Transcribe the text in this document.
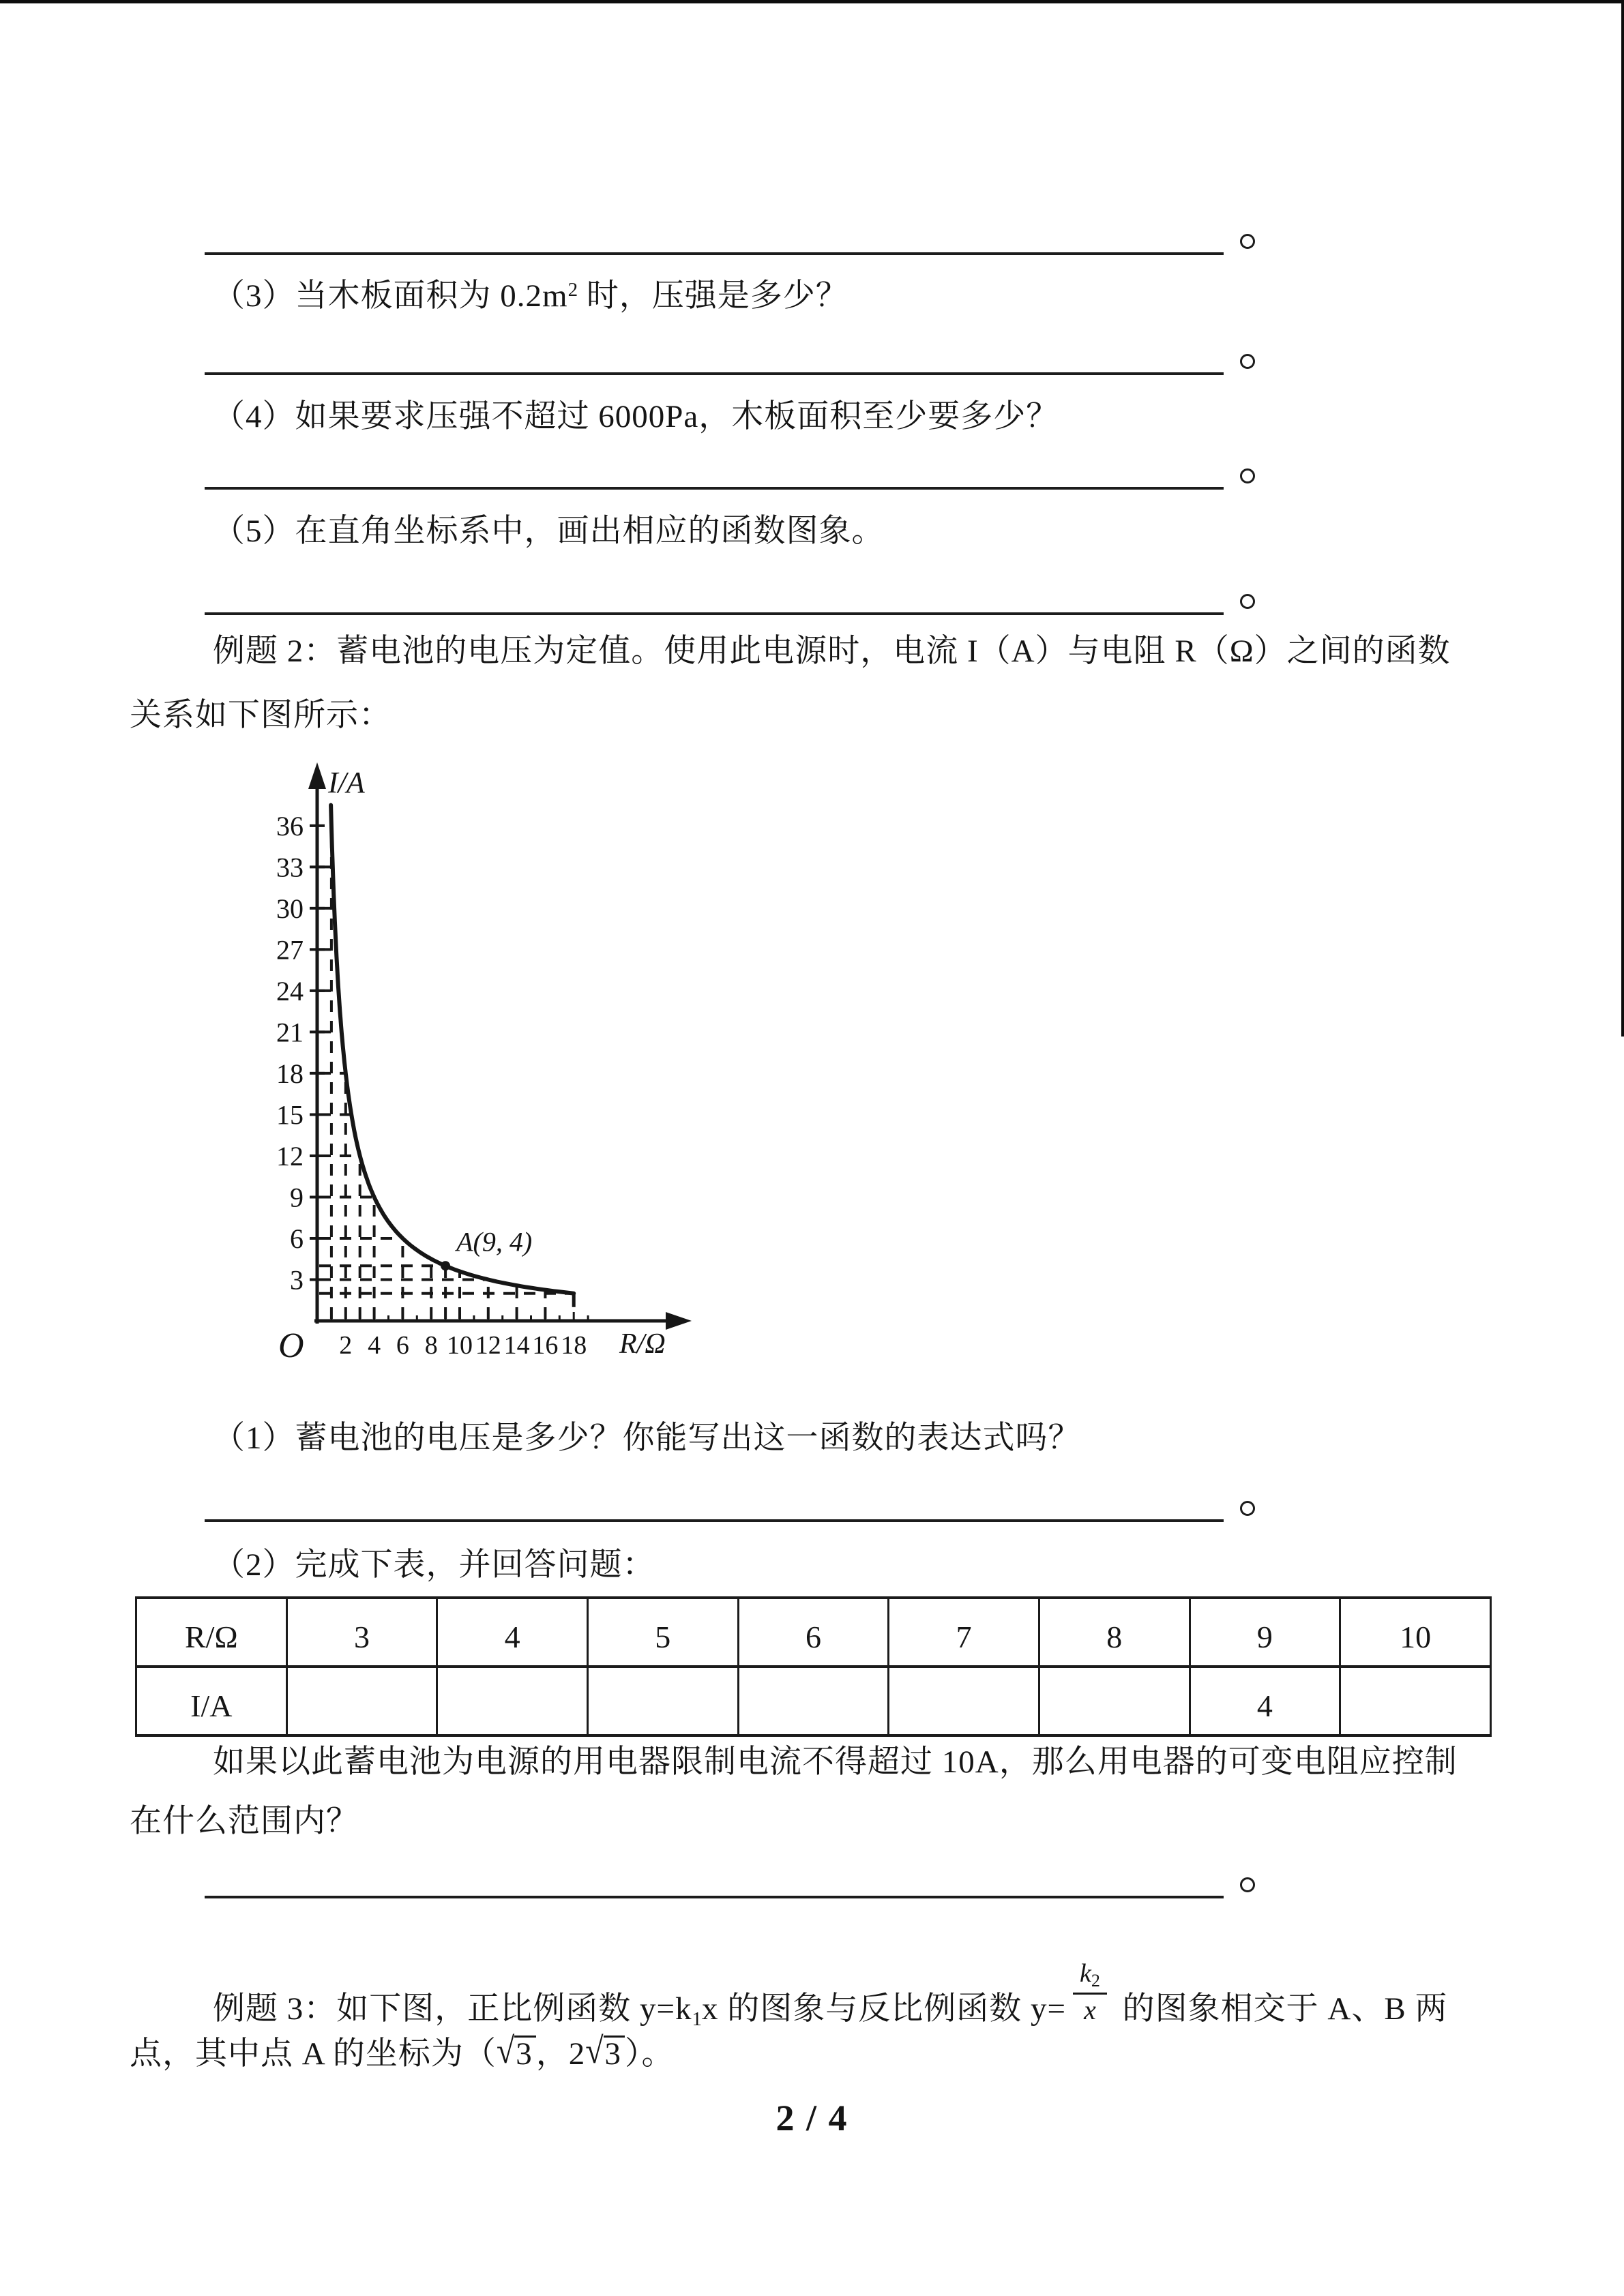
（3）当木板面积为 $0.2m^2$ 时，压强是多少？
（4）如果要求压强不超过 6000Pa，木板面积至少要多少？
（5）在直角坐标系中，画出相应的函数图象。
例题 2：蓄电池的电压为定值。使用此电源时，电流 I（A）与电阻 R（Ω）之间的函数
关系如下图所示：
3
6
9
12
15
18
21
24
27
30
33
36
2 4 6 8 10 12 14 16 18
A(9, 4)
I/A
R/Ω
O
（1）蓄电池的电压是多少？你能写出这一函数的表达式吗？
（2）完成下表，并回答问题：
R/Ω	3	4	5	6	7	8	9	10
I/A							4	
如果以此蓄电池为电源的用电器限制电流不得超过 10A，那么用电器的可变电阻应控制
在什么范围内？
例题 3：如下图，正比例函数 $y=k_1x$ 的图象与反比例函数 $y= \frac{k_2}{x}$ 的图象相交于 A、B 两
点，其中点 A 的坐标为（√3 ，2√3 ）。
2 / 4
